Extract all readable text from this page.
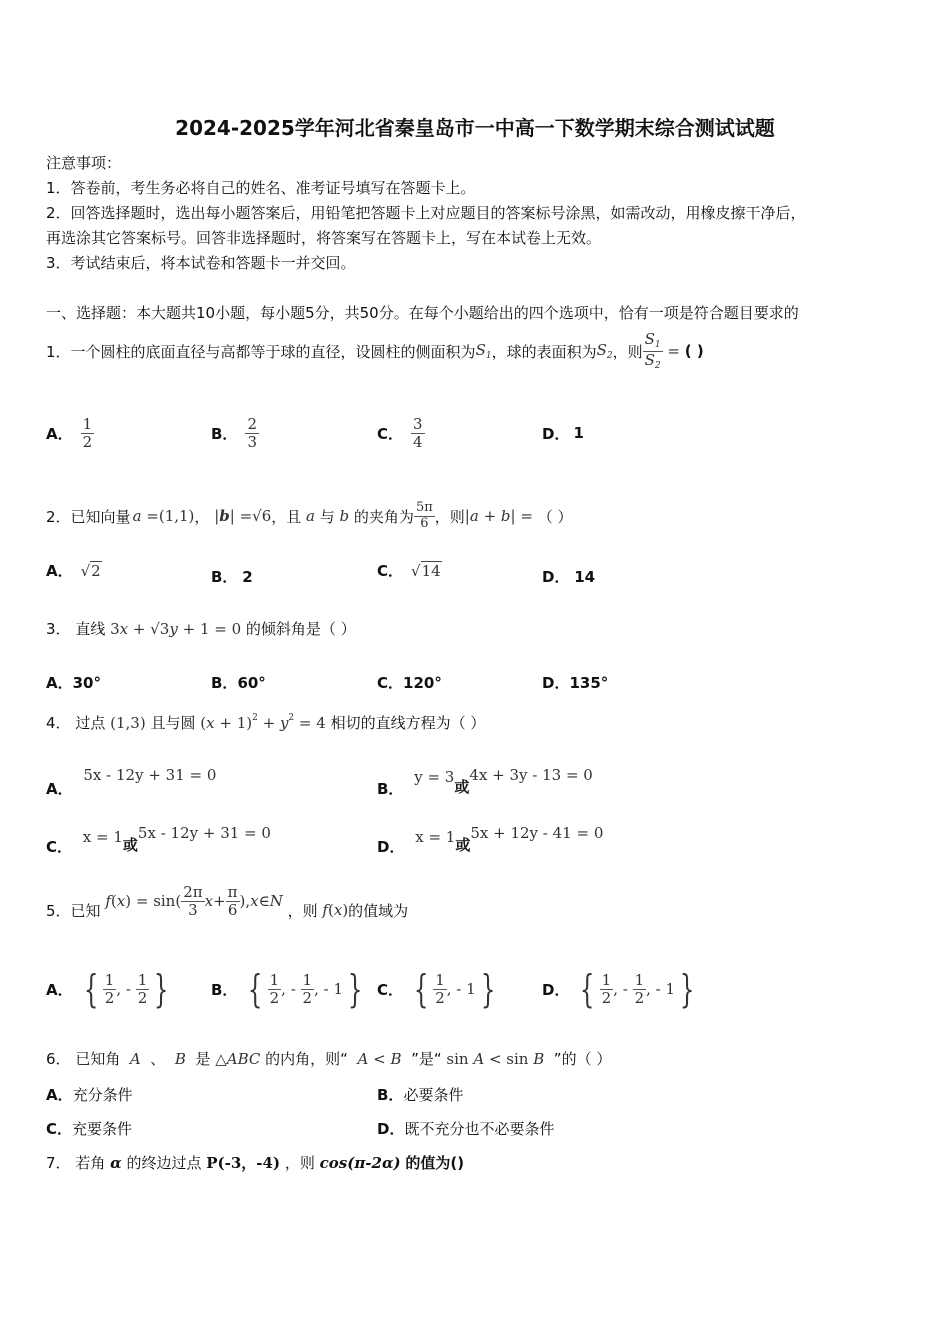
2024-2025学年河北省秦皇岛市一中高一下数学期末综合测试试题
注意事项：
1．答卷前，考生务必将自己的姓名、准考证号填写在答题卡上。
2．回答选择题时，选出每小题答案后，用铅笔把答题卡上对应题目的答案标号涂黑，如需改动，用橡皮擦干净后，
再选涂其它答案标号。回答非选择题时，将答案写在答题卡上，写在本试卷上无效。
3．考试结束后，将本试卷和答题卡一并交回。
一、选择题：本大题共10小题，每小题5分，共50分。在每个小题给出的四个选项中，恰有一项是符合题目要求的
1． 一个圆柱的底面直径与高都等于球的直径，设圆柱的侧面积为 $S_1$ ，球的表面积为 $S_2$ ，则 $\frac{S_1}{S_2}$ = ( )
A． $\frac{1}{2}$	B． $\frac{2}{3}$	C． $\frac{3}{4}$	D． 1
2． 已知向量 a =(1,1) ， |b| =√6 ，且 a 与 b 的夹角为 $\frac{5\pi}{6}$ ，则 |a + b| = （ ）
A． √2	B． 2	C． √14	D． 14
3． 直线 3x + √3y + 1 = 0 的倾斜角是（ ）
A．30°	B．60°	C．120°	D．135°
4． 过点 (1,3) 且与圆 $(x + 1)^2 + y^2 = 4$ 相切的直线方程为（ ）
A． 5x - 12y + 31 = 0
B． y = 3或4x + 3y - 13 = 0
C． x = 1或5x - 12y + 31 = 0
D． x = 1或5x + 12y - 41 = 0
5． 已知

f ( x ) = $\sin( \frac{2\pi}{3}$ $x + \frac{\pi}{6}$ ), x ∈ N

，则 f(x) 的值域为
A． { $\frac{1}{2}$ , - $\frac{1}{2}$ }	B． { $\frac{1}{2}$ , - $\frac{1}{2}$ , - 1 } C． { $\frac{1}{2}$ , - 1 }	D． { $\frac{1}{2}$ , - $\frac{1}{2}$ , - 1 }
6． 已知角  A  、  B  是 △ABC 的内角，则“ A < B ”是“ sin A < sin B ”的（ ）
A．充分条件	B．必要条件
C．充要条件	D．既不充分也不必要条件
7． 若角 α 的终边过点 P(-3，-4) ，则 cos(π-2α) 的值为()
